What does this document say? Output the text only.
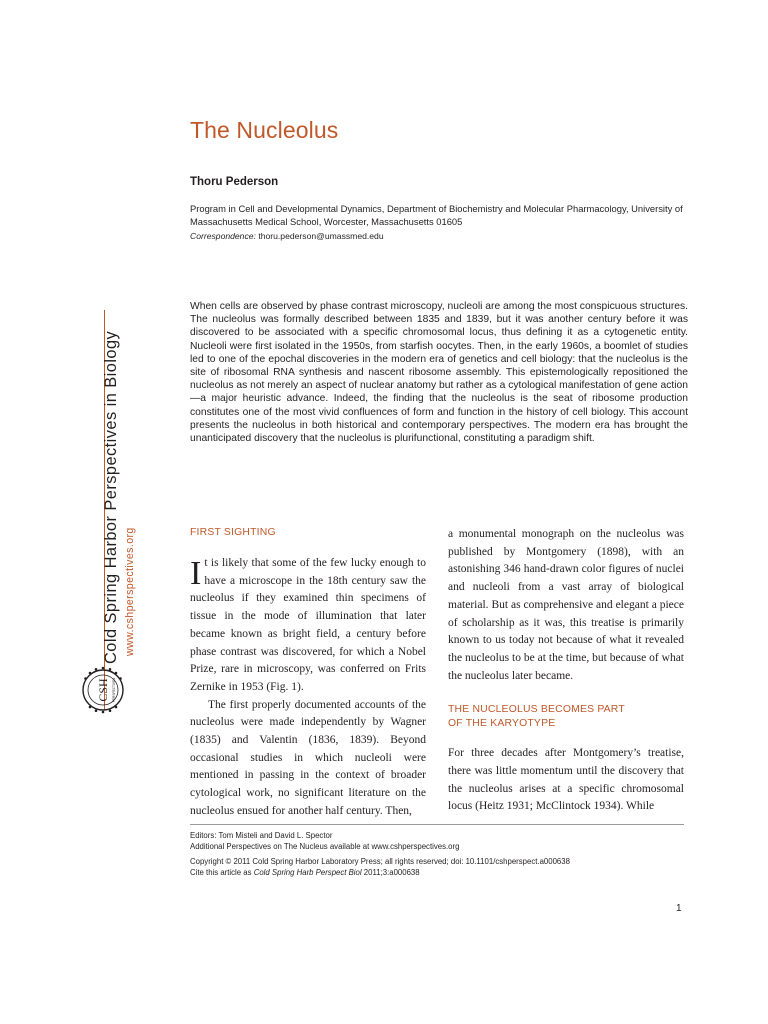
Cold Spring Harbor Perspectives in Biology www.cshperspectives.org
CSH PERSPECTIVES
The Nucleolus
Thoru Pederson
Program in Cell and Developmental Dynamics, Department of Biochemistry and Molecular Pharmacology, University of Massachusetts Medical School, Worcester, Massachusetts 01605
Correspondence: thoru.pederson@umassmed.edu
When cells are observed by phase contrast microscopy, nucleoli are among the most conspicuous structures. The nucleolus was formally described between 1835 and 1839, but it was another century before it was discovered to be associated with a specific chromosomal locus, thus defining it as a cytogenetic entity. Nucleoli were first isolated in the 1950s, from starfish oocytes. Then, in the early 1960s, a boomlet of studies led to one of the epochal discoveries in the modern era of genetics and cell biology: that the nucleolus is the site of ribosomal RNA synthesis and nascent ribosome assembly. This epistemologically repositioned the nucleolus as not merely an aspect of nuclear anatomy but rather as a cytological manifestation of gene action—a major heuristic advance. Indeed, the finding that the nucleolus is the seat of ribosome production constitutes one of the most vivid confluences of form and function in the history of cell biology. This account presents the nucleolus in both historical and contemporary perspectives. The modern era has brought the unanticipated discovery that the nucleolus is plurifunctional, constituting a paradigm shift.
FIRST SIGHTING

It is likely that some of the few lucky enough to have a microscope in the 18th century saw the nucleolus if they examined thin specimens of tissue in the mode of illumination that later became known as bright field, a century before phase contrast was discovered, for which a Nobel Prize, rare in microscopy, was conferred on Frits Zernike in 1953 (Fig. 1).

The first properly documented accounts of the nucleolus were made independently by Wagner (1835) and Valentin (1836, 1839). Beyond occasional studies in which nucleoli were mentioned in passing in the context of broader cytological work, no significant literature on the nucleolus ensued for another half century. Then,

a monumental monograph on the nucleolus was published by Montgomery (1898), with an astonishing 346 hand-drawn color figures of nuclei and nucleoli from a vast array of biological material. But as comprehensive and elegant a piece of scholarship as it was, this treatise is primarily known to us today not because of what it revealed the nucleolus to be at the time, but because of what the nucleolus later became.

THE NUCLEOLUS BECOMES PART
OF THE KARYOTYPE

For three decades after Montgomery’s treatise, there was little momentum until the discovery that the nucleolus arises at a specific chromosomal locus (Heitz 1931; McClintock 1934). While

Editors: Tom Misteli and David L. Spector
Additional Perspectives on The Nucleus available at www.cshperspectives.org
Copyright © 2011 Cold Spring Harbor Laboratory Press; all rights reserved; doi: 10.1101/cshperspect.a000638
Cite this article as Cold Spring Harb Perspect Biol 2011;3:a000638
1
